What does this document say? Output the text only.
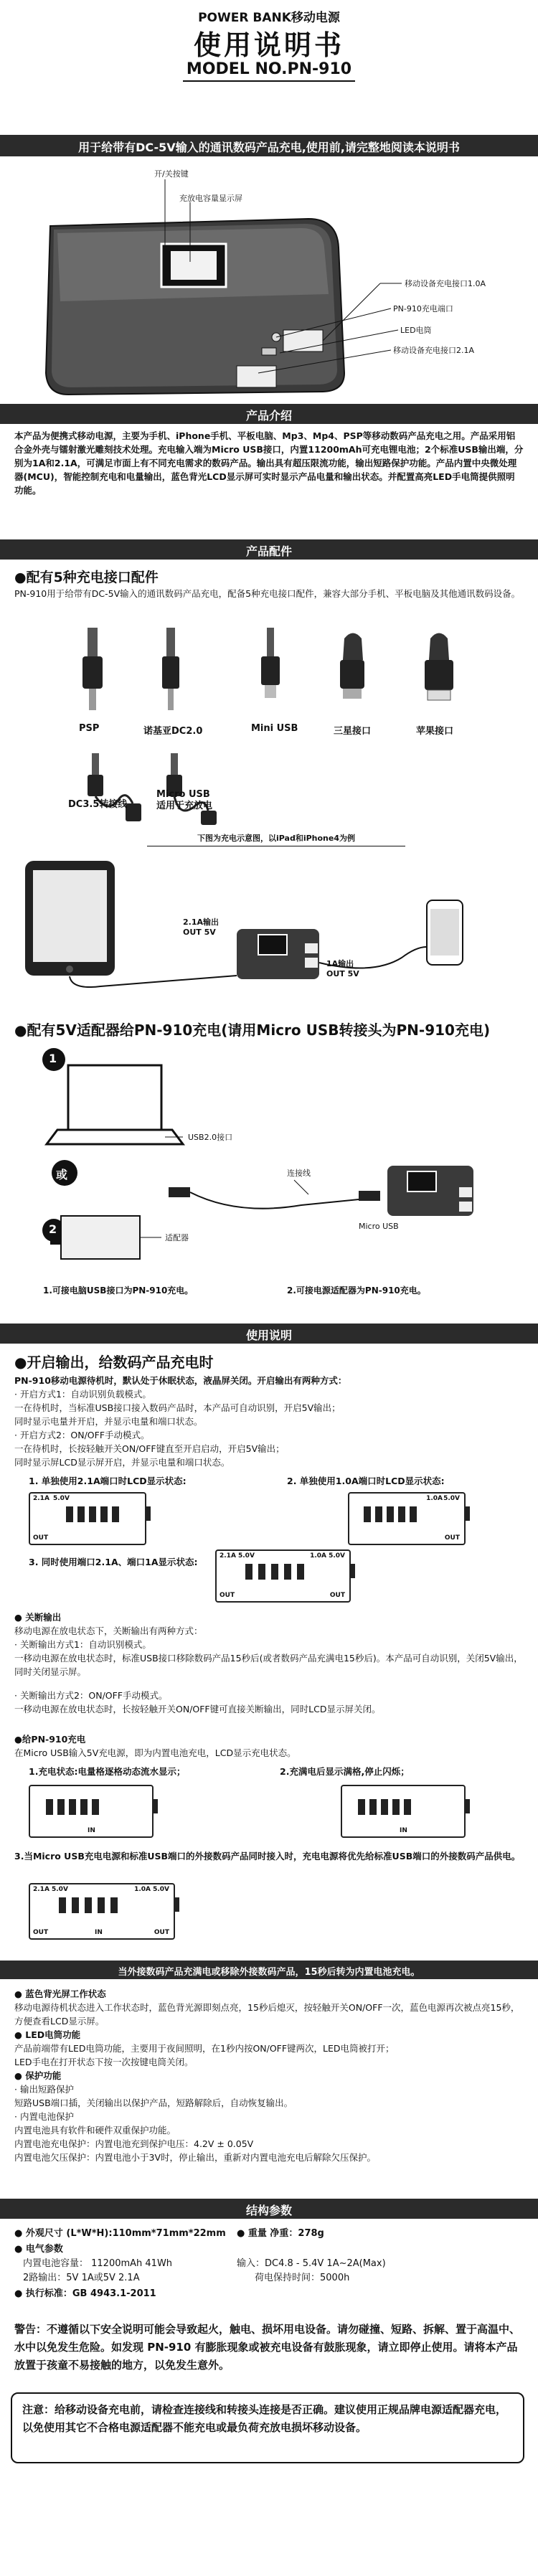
POWER BANK移动电源
使用说明书
MODEL NO.PN-910
用于给带有DC-5V输入的通讯数码产品充电,使用前,请完整地阅读本说明书
开/关按键
充放电容量显示屏
移动设备充电接口1.0A
PN-910充电端口
LED电筒
移动设备充电接口2.1A
产品介绍
本产品为便携式移动电源，主要为手机、iPhone手机、平板电脑、Mp3、Mp4、PSP等移动数码产品充电之用。产品采用铝合金外壳与镭射激光雕刻技术处理。充电输入端为Micro USB接口，内置11200mAh可充电锂电池；2个标准USB输出端，分别为1A和2.1A，可满足市面上有不同充电需求的数码产品。输出具有超压限流功能，输出短路保护功能。产品内置中央微处理器(MCU)，智能控制充电和电量输出，蓝色背光LCD显示屏可实时显示产品电量和输出状态。并配置高亮LED手电筒提供照明功能。
产品配件
●配有5种充电接口配件
PN-910用于给带有DC-5V输入的通讯数码产品充电，配备5种充电接口配件，兼容大部分手机、平板电脑及其他通讯数码设备。
PSP	诺基亚DC2.0	Mini USB	三星接口	苹果接口
DC3.5转接线
Micro USB
适用于充放电
下图为充电示意图，以iPad和iPhone4为例
2.1A输出
OUT 5V
1A输出
OUT 5V
●配有5V适配器给PN-910充电(请用Micro USB转接头为PN-910充电)
1
2
USB2.0接口
或
适配器
连接线
Micro USB
1.可接电脑USB接口为PN-910充电。	2.可接电源适配器为PN-910充电。
使用说明
●开启输出，给数码产品充电时
PN-910移动电源待机时，默认处于休眠状态，液晶屏关闭。开启输出有两种方式：
· 开启方式1：自动识别负载模式。
一在待机时，当标准USB接口接入数码产品时，本产品可自动识别，开启5V输出；
同时显示电量并开启，并显示电量和端口状态。
· 开启方式2：ON/OFF手动模式。
一在待机时，长按轻触开关ON/OFF键直至开启启动，开启5V输出；
同时显示屏LCD显示屏开启，并显示电量和端口状态。
1. 单独使用2.1A端口时LCD显示状态:	2. 单独使用1.0A端口时LCD显示状态:
2.1A 5.0V
OUT
1.0A 5.0V
OUT
3. 同时使用端口2.1A、端口1A显示状态:
2.1A 5.0V	1.0A 5.0V
OUT	OUT
● 关断输出
移动电源在放电状态下，关断输出有两种方式：
· 关断输出方式1：自动识别模式。
一移动电源在放电状态时，标准USB接口移除数码产品15秒后(或者数码产品充满电15秒后)。本产品可自动识别，关闭5V输出，同时关闭显示屏。
· 关断输出方式2：ON/OFF手动模式。
一移动电源在放电状态时，长按轻触开关ON/OFF键可直接关断输出，同时LCD显示屏关闭。
●给PN-910充电
在Micro USB输入5V充电源，即为内置电池充电，LCD显示充电状态。
1.充电状态:电量格逐格动态流水显示；	2.充满电后显示满格,停止闪烁；
IN	IN
3.当Micro USB充电电源和标准USB端口的外接数码产品同时接入时，充电电源将优先给标准USB端口的外接数码产品供电。
2.1A 5.0V	1.0A 5.0V
OUT	IN	OUT
当外接数码产品充满电或移除外接数码产品，15秒后转为内置电池充电。
● 蓝色背光屏工作状态
移动电源待机状态进入工作状态时，蓝色背光源即刻点亮，15秒后熄灭，按轻触开关ON/OFF一次，蓝色电源再次被点亮15秒，方便查看LCD显示屏。
● LED电筒功能
产品前端带有LED电筒功能，主要用于夜间照明，在1秒内按ON/OFF键两次，LED电筒被打开；
LED手电在打开状态下按一次按键电筒关闭。
● 保护功能
· 输出短路保护
短路USB端口插，关闭输出以保护产品，短路解除后，自动恢复输出。
· 内置电池保护
内置电池具有软件和硬件双重保护功能。
内置电池充电保护：内置电池充到保护电压：4.2V ± 0.05V
内置电池欠压保护：内置电池小于3V时，停止输出，重新对内置电池充电后解除欠压保护。
结构参数
● 外观尺寸 (L*W*H):110mm*71mm*22mm ● 重量 净重：278g
● 电气参数
内置电池容量： 11200mAh 41Wh	输入：DC4.8 - 5.4V 1A~2A(Max)
2路输出：5V 1A或5V 2.1A	荷电保持时间：5000h
● 执行标准：GB 4943.1-2011
警告：不遵循以下安全说明可能会导致起火，触电、损坏用电设备。请勿碰撞、短路、拆解、置于高温中、水中以免发生危险。如发现 PN-910 有膨胀现象或被充电设备有鼓胀现象，请立即停止使用。请将本产品放置于孩童不易接触的地方，以免发生意外。
注意：给移动设备充电前，请检查连接线和转接头连接是否正确。建议使用正规品牌电源适配器充电，以免使用其它不合格电源适配器不能充电或最负荷充放电损坏移动设备。
